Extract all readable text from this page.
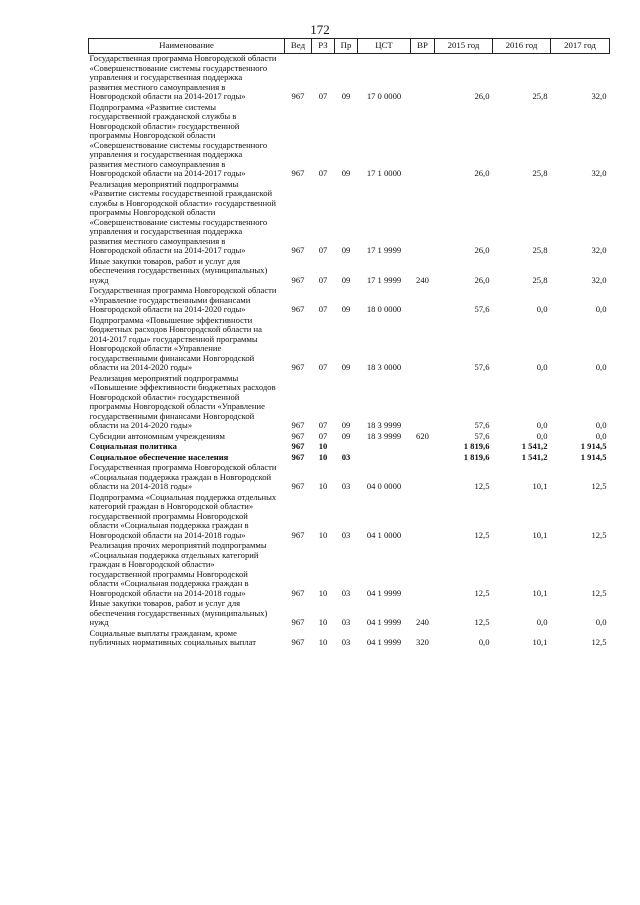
172
Наименование	Вед	РЗ	Пр	ЦСТ	ВР	2015 год	2016 год	2017 год
Государственная программа Новгородской области «Совершенствование системы государственного управления и государственная поддержка развития местного самоуправления в Новгородской области на 2014-2017 годы»	967	07	09	17 0 0000		26,0	25,8	32,0
Подпрограмма «Развитие системы государственной гражданской службы в Новгородской области» государственной программы Новгородской области «Совершенствование системы государственного управления и государственная поддержка развития местного самоуправления в Новгородской области на 2014-2017 годы»	967	07	09	17 1 0000		26,0	25,8	32,0
Реализация мероприятий подпрограммы «Развитие системы государственной гражданской службы в Новгородской области» государственной программы Новгородской области «Совершенствование системы государственного управления и государственная поддержка развития местного самоуправления в Новгородской области на 2014-2017 годы»	967	07	09	17 1 9999		26,0	25,8	32,0
Иные закупки товаров, работ и услуг для обеспечения государственных (муниципальных) нужд	967	07	09	17 1 9999	240	26,0	25,8	32,0
Государственная программа Новгородской области «Управление государственными финансами Новгородской области на 2014-2020 годы»	967	07	09	18 0 0000		57,6	0,0	0,0
Подпрограмма «Повышение эффективности бюджетных расходов Новгородской области на 2014-2017 годы» государственной программы Новгородской области «Управление государственными финансами Новгородской области на 2014-2020 годы»	967	07	09	18 3 0000		57,6	0,0	0,0
Реализация мероприятий подпрограммы «Повышение эффективности бюджетных расходов Новгородской области» государственной программы Новгородской области «Управление государственными финансами Новгородской области на 2014-2020 годы»	967	07	09	18 3 9999		57,6	0,0	0,0
Субсидии автономным учреждениям	967	07	09	18 3 9999	620	57,6	0,0	0,0
Социальная политика	967	10				1 819,6	1 541,2	1 914,5
Социальное обеспечение населения	967	10	03			1 819,6	1 541,2	1 914,5
Государственная программа Новгородской области «Социальная поддержка граждан в Новгородской области на 2014-2018 годы»	967	10	03	04 0 0000		12,5	10,1	12,5
Подпрограмма «Социальная поддержка отдельных категорий граждан в Новгородской области» государственной программы Новгородской области «Социальная поддержка граждан в Новгородской области на 2014-2018 годы»	967	10	03	04 1 0000		12,5	10,1	12,5
Реализация прочих мероприятий подпрограммы «Социальная поддержка отдельных категорий граждан в Новгородской области» государственной программы Новгородской области «Социальная поддержка граждан в Новгородской области на 2014-2018 годы»	967	10	03	04 1 9999		12,5	10,1	12,5
Иные закупки товаров, работ и услуг для обеспечения государственных (муниципальных) нужд	967	10	03	04 1 9999	240	12,5	0,0	0,0
Социальные выплаты гражданам, кроме публичных нормативных социальных выплат	967	10	03	04 1 9999	320	0,0	10,1	12,5
